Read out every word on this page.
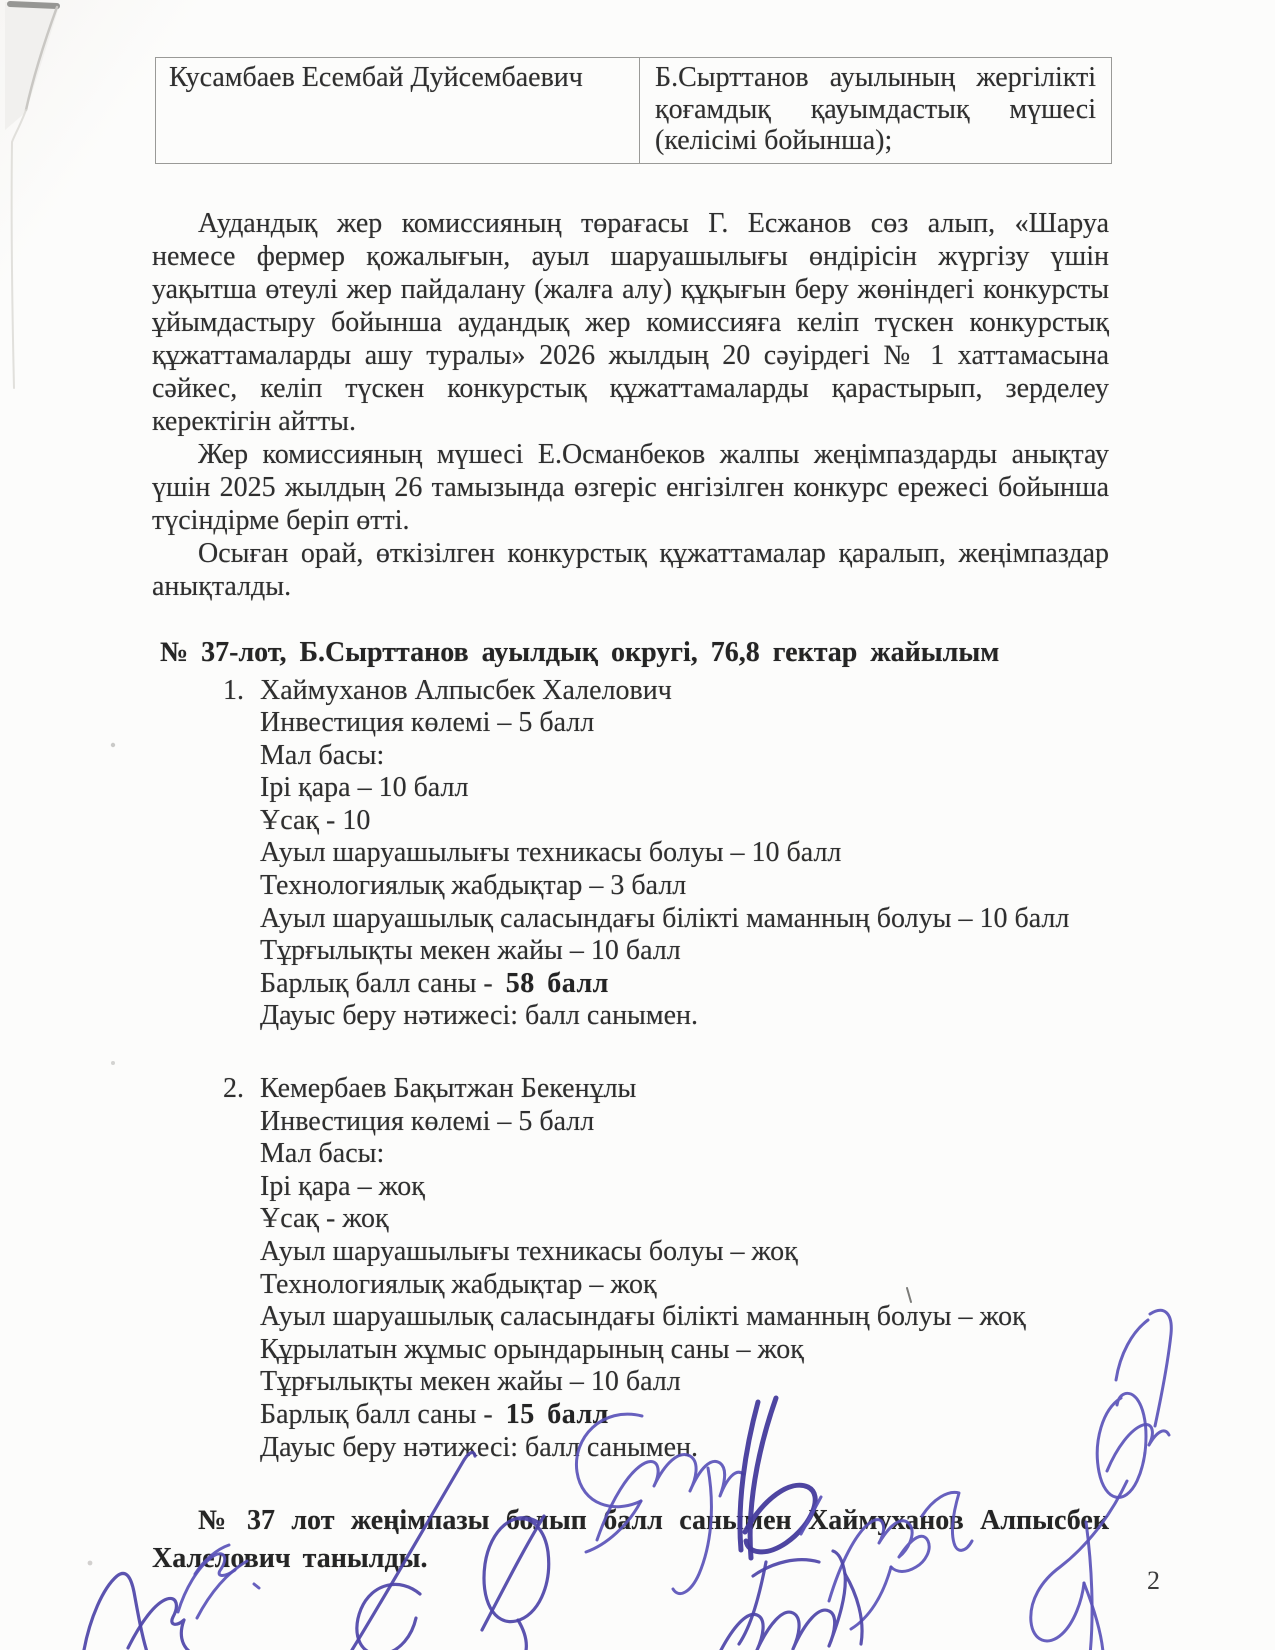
Кусамбаев Есембай Дуйсембаевич	Б.Сырттанов ауылының жергілікті
қоғамдық қауымдастық мүшесі
(келісімі бойынша);
Аудандық жер комиссияның төрағасы Г. Есжанов сөз алып, «Шаруа
немесе фермер қожалығын, ауыл шаруашылығы өндірісін жүргізу үшін
уақытша өтеулі жер пайдалану (жалға алу) құқығын беру жөніндегі конкурсты
ұйымдастыру бойынша аудандық жер комиссияға келіп түскен конкурстық
құжаттамаларды ашу туралы» 2026 жылдың 20 сәуірдегі № 1 хаттамасына
сәйкес, келіп түскен конкурстық құжаттамаларды қарастырып, зерделеу
керектігін айтты.
Жер комиссияның мүшесі Е.Османбеков жалпы жеңімпаздарды анықтау
үшін 2025 жылдың 26 тамызында өзгеріс енгізілген конкурс ережесі бойынша
түсіндірме беріп өтті.
Осыған орай, өткізілген конкурстық құжаттамалар қаралып, жеңімпаздар
анықталды.
№ 37-лот, Б.Сырттанов ауылдық округі, 76,8 гектар жайылым
1. Хаймуханов Алпысбек Халелович
Инвестиция көлемі – 5 балл
Мал басы:
Ірі қара – 10 балл
Ұсақ - 10
Ауыл шаруашылығы техникасы болуы – 10 балл
Технологиялық жабдықтар – 3 балл
Ауыл шаруашылық саласындағы білікті маманның болуы – 10 балл
Тұрғылықты мекен жайы – 10 балл
Барлық балл саны - 58 балл
Дауыс беру нәтижесі: балл санымен.
2. Кемербаев Бақытжан Бекенұлы
Инвестиция көлемі – 5 балл
Мал басы:
Ірі қара – жоқ
Ұсақ - жоқ
Ауыл шаруашылығы техникасы болуы – жоқ
Технологиялық жабдықтар – жоқ
Ауыл шаруашылық саласындағы білікті маманның болуы – жоқ
Құрылатын жұмыс орындарының саны – жоқ
Тұрғылықты мекен жайы – 10 балл
Барлық балл саны - 15 балл
Дауыс беру нәтижесі: балл санымен.
№ 37 лот жеңімпазы болып балл санымен Хаймуханов Алпысбек
Халелович танылды.
2
